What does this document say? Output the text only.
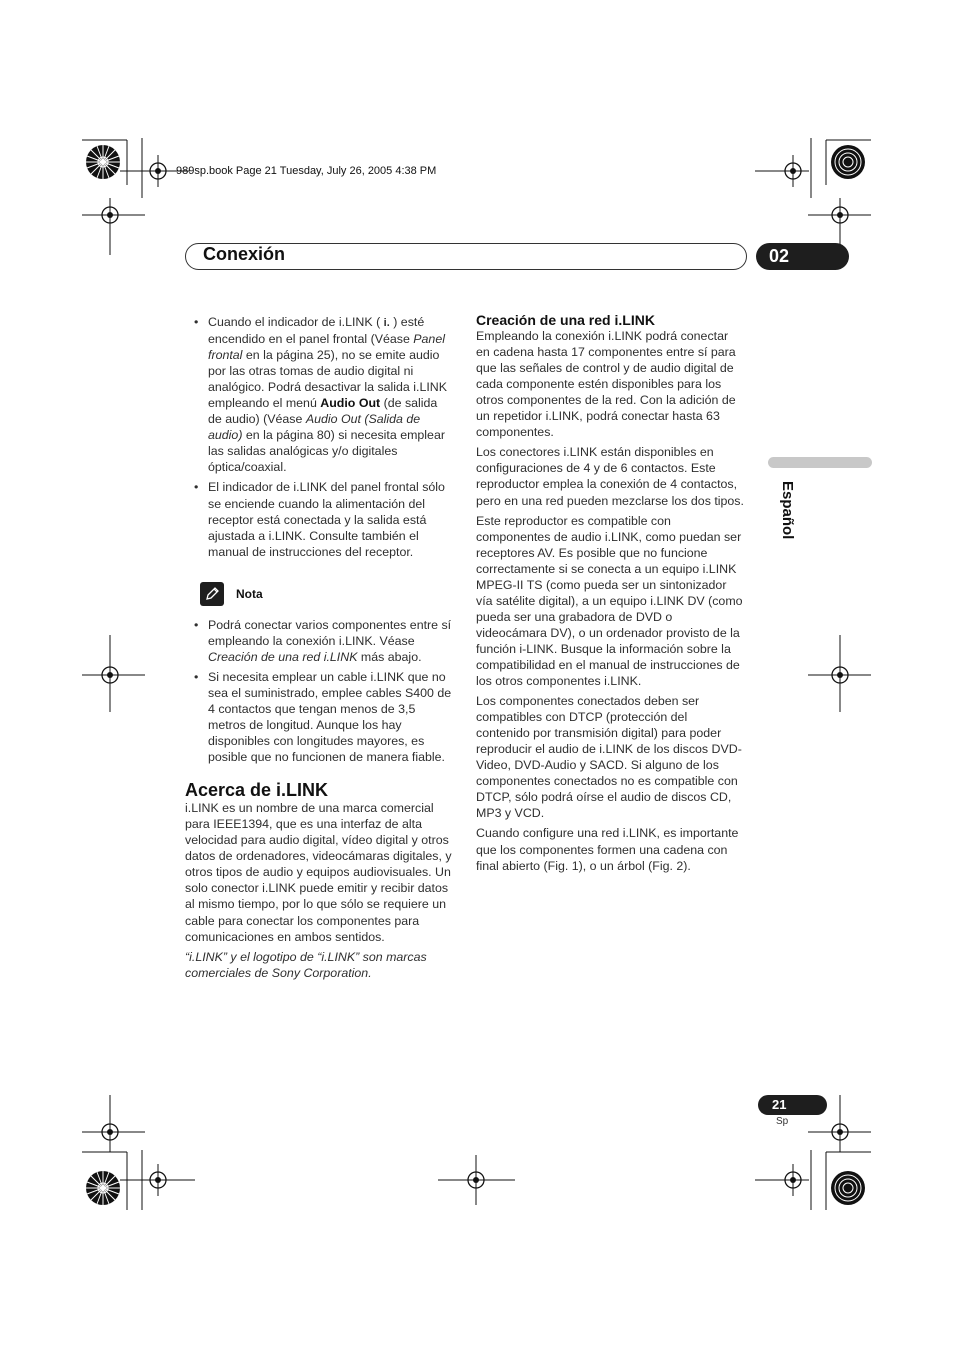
989sp.book Page 21 Tuesday, July 26, 2005 4:38 PM
Conexión	02
Español
• Cuando el indicador de i.LINK ( i. ) esté encendido en el panel frontal (Véase Panel frontal en la página 25), no se emite audio por las otras tomas de audio digital ni analógico. Podrá desactivar la salida i.LINK empleando el menú Audio Out (de salida de audio) (Véase Audio Out (Salida de audio) en la página 80) si necesita emplear las salidas analógicas y/o digitales óptica/coaxial.
• El indicador de i.LINK del panel frontal sólo se enciende cuando la alimentación del receptor está conectada y la salida está ajustada a i.LINK. Consulte también el manual de instrucciones del receptor.
Nota
• Podrá conectar varios componentes entre sí empleando la conexión i.LINK. Véase Creación de una red i.LINK más abajo.
• Si necesita emplear un cable i.LINK que no sea el suministrado, emplee cables S400 de 4 contactos que tengan menos de 3,5 metros de longitud. Aunque los hay disponibles con longitudes mayores, es posible que no funcionen de manera fiable.
Acerca de i.LINK

i.LINK es un nombre de una marca comercial para IEEE1394, que es una interfaz de alta velocidad para audio digital, vídeo digital y otros datos de ordenadores, videocámaras digitales, y otros tipos de audio y equipos audiovisuales. Un solo conector i.LINK puede emitir y recibir datos al mismo tiempo, por lo que sólo se requiere un cable para conectar los componentes para comunicaciones en ambos sentidos.

“i.LINK” y el logotipo de “i.LINK” son marcas comerciales de Sony Corporation.

Creación de una red i.LINK

Empleando la conexión i.LINK podrá conectar en cadena hasta 17 componentes entre sí para que las señales de control y de audio digital de cada componente estén disponibles para los otros componentes de la red. Con la adición de un repetidor i.LINK, podrá conectar hasta 63 componentes.

Los conectores i.LINK están disponibles en configuraciones de 4 y de 6 contactos. Este reproductor emplea la conexión de 4 contactos, pero en una red pueden mezclarse los dos tipos.

Este reproductor es compatible con componentes de audio i.LINK, como puedan ser receptores AV. Es posible que no funcione correctamente si se conecta a un equipo i.LINK MPEG-II TS (como pueda ser un sintonizador vía satélite digital), a un equipo i.LINK DV (como pueda ser una grabadora de DVD o videocámara DV), o un ordenador provisto de la función i-LINK. Busque la información sobre la compatibilidad en el manual de instrucciones de los otros componentes i.LINK.

Los componentes conectados deben ser compatibles con DTCP (protección del contenido por transmisión digital) para poder reproducir el audio de i.LINK de los discos DVD-Video, DVD-Audio y SACD. Si alguno de los componentes conectados no es compatible con DTCP, sólo podrá oírse el audio de discos CD, MP3 y VCD.

Cuando configure una red i.LINK, es importante que los componentes formen una cadena con final abierto (Fig. 1), o un árbol (Fig. 2).

21
Sp
